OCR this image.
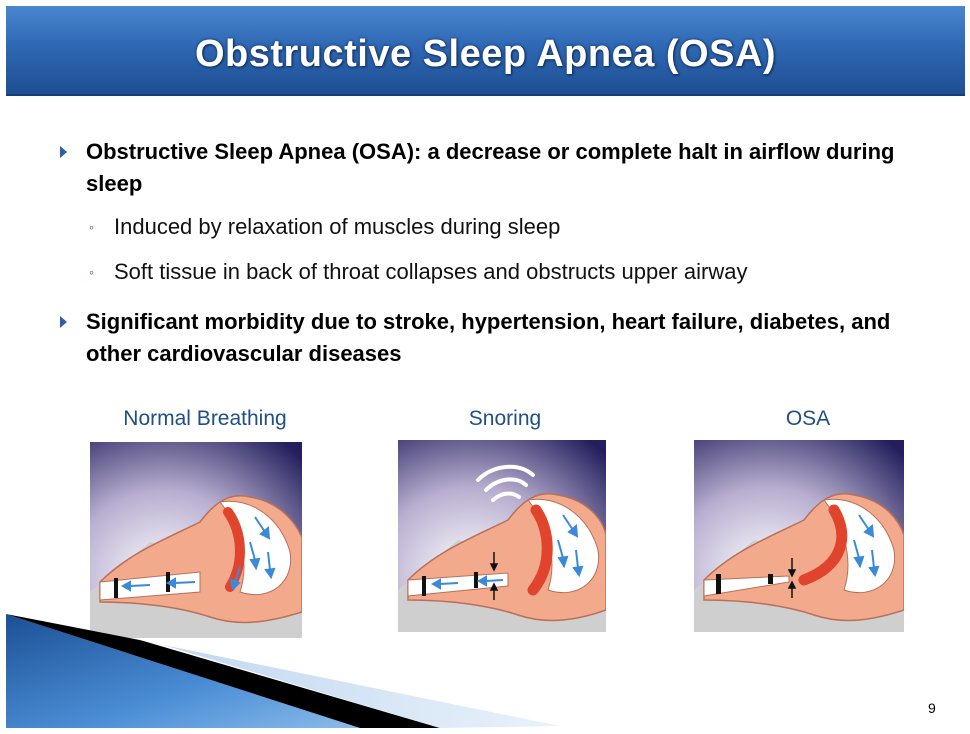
Obstructive Sleep Apnea (OSA)
Obstructive Sleep Apnea (OSA): a decrease or complete halt in airflow during sleep
◦ Induced by relaxation of muscles during sleep
◦ Soft tissue in back of throat collapses and obstructs upper airway
Significant morbidity due to stroke, hypertension, heart failure, diabetes, and other cardiovascular diseases
Normal Breathing	Snoring	OSA
9
